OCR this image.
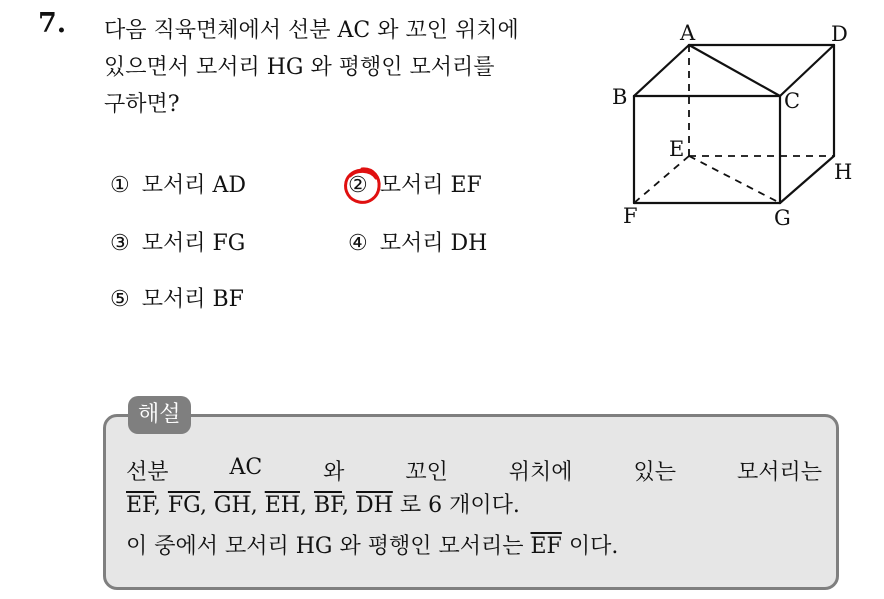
7. 다음 직육면체에서 선분 AC 와 꼬인 위치에
있으면서 모서리 HG 와 평행인 모서리를
구하면?
① 모서리 AD	② 모서리 EF
③ 모서리 FG	④ 모서리 DH
⑤ 모서리 BF
A
B	C
D
E
F	G
H
해설
선분	AC	와	꼬인	위치에	있는	모서리는
$\overline{EF}$, $\overline{FG}$, $\overline{GH}$, $\overline{EH}$, $\overline{BF}$, $\overline{DH}$ 로 6 개이다.
이 중에서 모서리 HG 와 평행인 모서리는 $\overline{EF}$ 이다.
